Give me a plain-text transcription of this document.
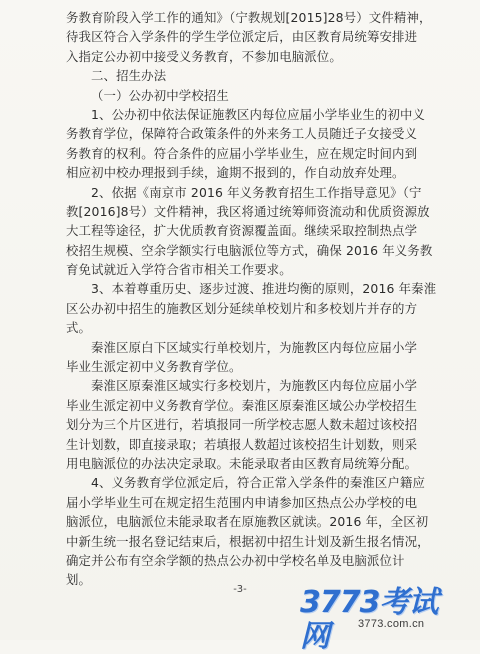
务教育阶段入学工作的通知》（宁教规划[2015]28号）文件精神，
待我区符合入学条件的学生学位派定后，由区教育局统筹安排进
入指定公办初中接受义务教育，不参加电脑派位。
二、招生办法
（一）公办初中学校招生
1、公办初中依法保证施教区内每位应届小学毕业生的初中义
务教育学位，保障符合政策条件的外来务工人员随迁子女接受义
务教育的权利。符合条件的应届小学毕业生，应在规定时间内到
相应初中校办理报到手续，逾期不报到的，作自动放弃处理。
2、依据《南京市 2016 年义务教育招生工作指导意见》（宁
教[2016]8号）文件精神，我区将通过统筹师资流动和优质资源放
大工程等途径，扩大优质教育资源覆盖面。继续采取控制热点学
校招生规模、空余学额实行电脑派位等方式，确保 2016 年义务教
育免试就近入学符合省市相关工作要求。
3、本着尊重历史、逐步过渡、推进均衡的原则，2016 年秦淮
区公办初中招生的施教区划分延续单校划片和多校划片并存的方
式。
秦淮区原白下区域实行单校划片，为施教区内每位应届小学
毕业生派定初中义务教育学位。
秦淮区原秦淮区域实行多校划片，为施教区内每位应届小学
毕业生派定初中义务教育学位。秦淮区原秦淮区域公办学校招生
划分为三个片区进行，若填报同一所学校志愿人数未超过该校招
生计划数，即直接录取；若填报人数超过该校招生计划数，则采
用电脑派位的办法决定录取。未能录取者由区教育局统筹分配。
4、义务教育学位派定后，符合正常入学条件的秦淮区户籍应
届小学毕业生可在规定招生范围内申请参加区热点公办学校的电
脑派位，电脑派位未能录取者在原施教区就读。2016 年，全区初
中新生统一报名登记结束后，根据初中招生计划及新生报名情况，
确定并公布有空余学额的热点公办初中学校名单及电脑派位计
划。
-3-	3773考试网	3773.com.cn
